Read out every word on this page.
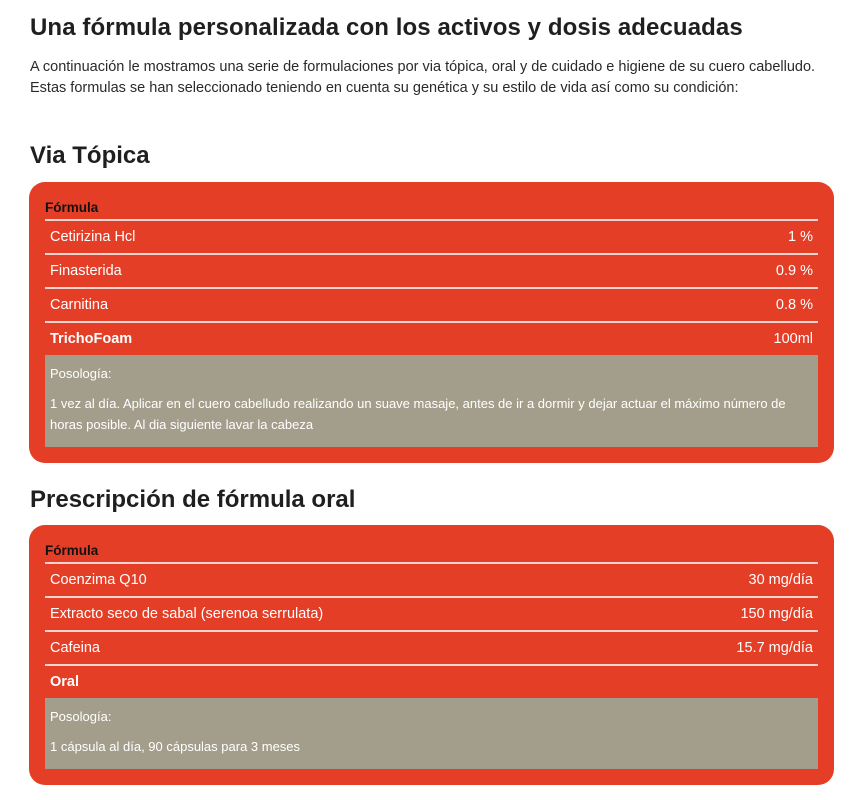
Una fórmula personalizada con los activos y dosis adecuadas

A continuación le mostramos una serie de formulaciones por via tópica, oral y de cuidado e higiene de su cuero cabelludo. Estas formulas se han seleccionado teniendo en cuenta su genética y su estilo de vida así como su condición:

Via Tópica
Fórmula
Cetirizina Hcl	1 %
Finasterida	0.9 %
Carnitina	0.8 %
TrichoFoam	100ml
Posología:
1 vez al día. Aplicar en el cuero cabelludo realizando un suave masaje, antes de ir a dormir y dejar actuar el máximo número de horas posible. Al dia siguiente lavar la cabeza
Prescripción de fórmula oral
Fórmula
Coenzima Q10	30 mg/día
Extracto seco de sabal (serenoa serrulata)	150 mg/día
Cafeina	15.7 mg/día
Oral
Posología:
1 cápsula al día, 90 cápsulas para 3 meses
